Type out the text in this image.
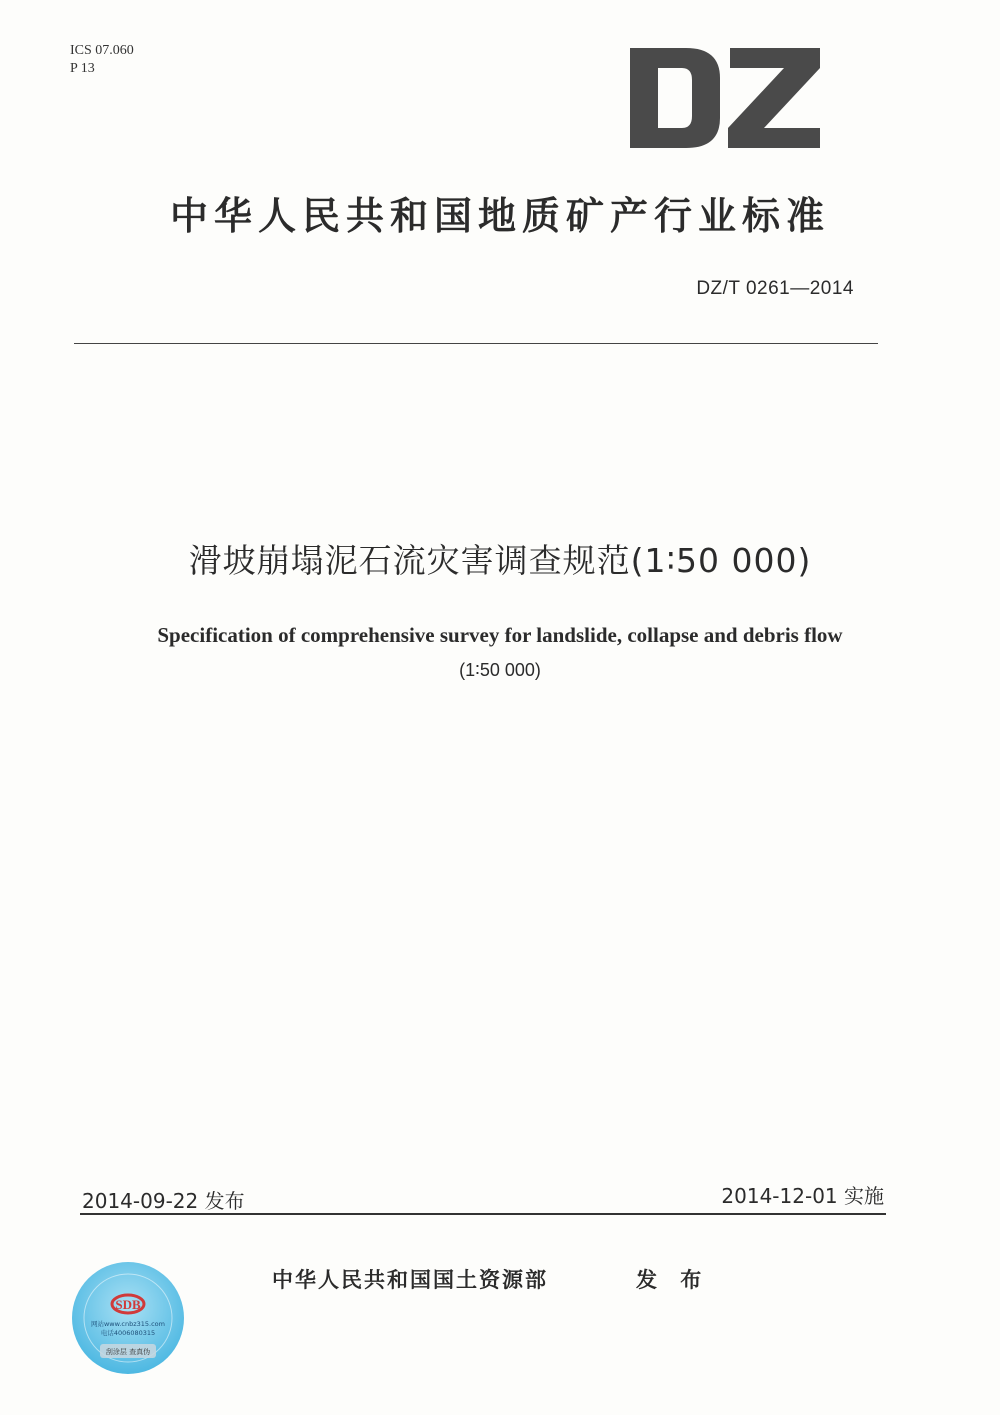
ICS 07.060
P 13
中华人民共和国地质矿产行业标准
DZ/T 0261—2014
滑坡崩塌泥石流灾害调查规范(1∶50 000)
Specification of comprehensive survey for landslide, collapse and debris flow
(1∶50 000)
2014-09-22 发布	2014-12-01 实施
中华人民共和国国土资源部	发 布
SDB
网站www.cnbz315.com
电话4006080315
刮涂层 查真伪
